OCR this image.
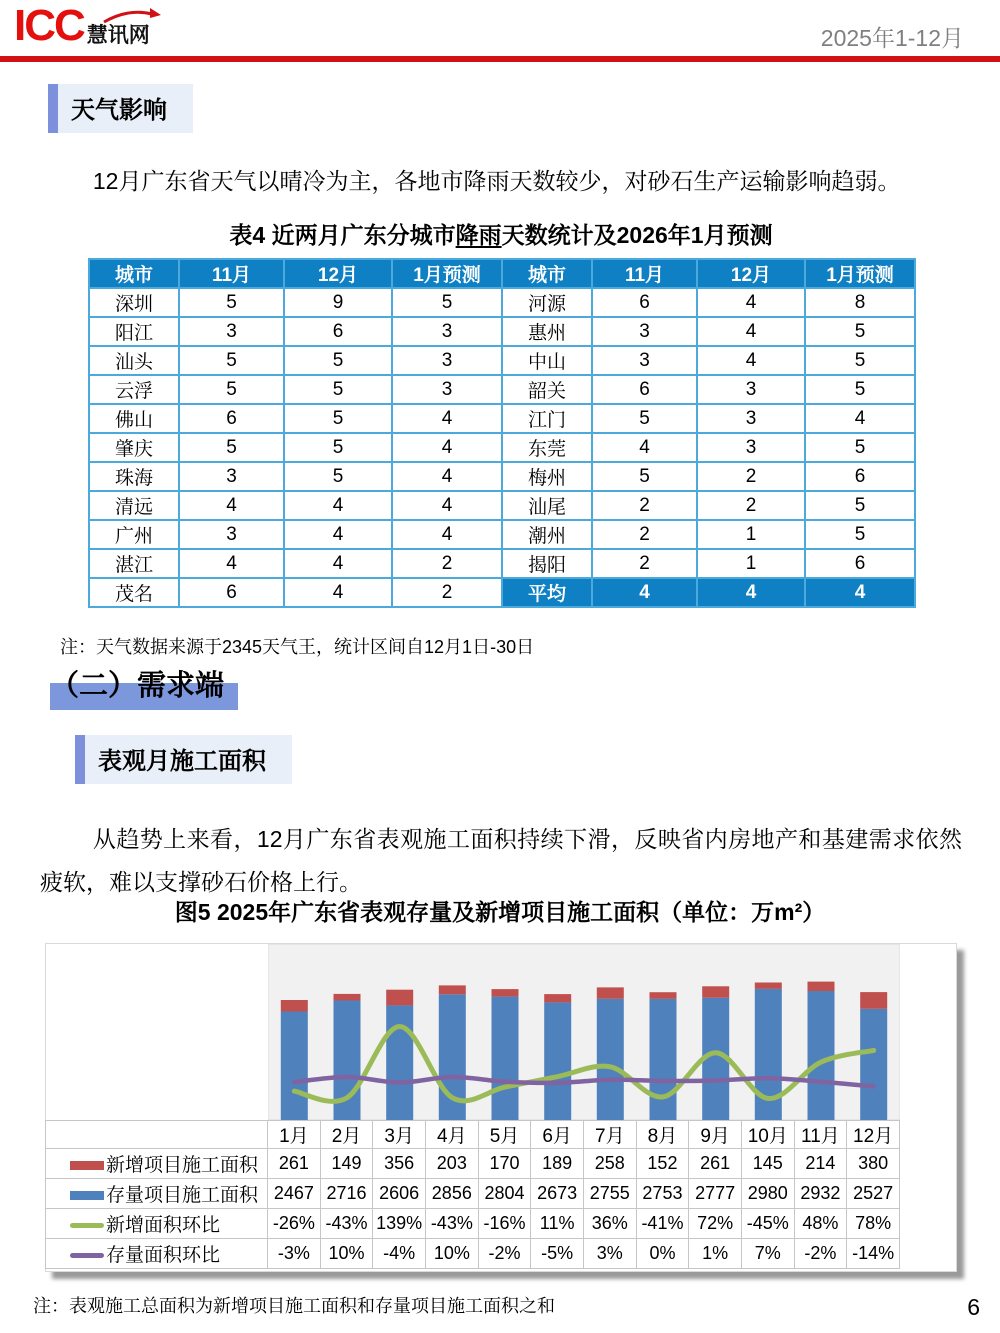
ICC 慧讯网	2025年1-12月
天气影响

12月广东省天气以晴冷为主，各地市降雨天数较少，对砂石生产运输影响趋弱。

表4 近两月广东分城市降雨天数统计及2026年1月预测
城市	11月	12月	1月预测	城市	11月	12月	1月预测
深圳	5	9	5	河源	6	4	8
阳江	3	6	3	惠州	3	4	5
汕头	5	5	3	中山	3	4	5
云浮	5	5	3	韶关	6	3	5
佛山	6	5	4	江门	5	3	4
肇庆	5	5	4	东莞	4	3	5
珠海	3	5	4	梅州	5	2	6
清远	4	4	4	汕尾	2	2	5
广州	3	4	4	潮州	2	1	5
湛江	4	4	2	揭阳	2	1	6
茂名	6	4	2	平均	4	4	4
注：天气数据来源于2345天气王，统计区间自12月1日-30日
（二）需求端
表观月施工面积

从趋势上来看，12月广东省表观施工面积持续下滑，反映省内房地产和基建需求依然疲软，难以支撑砂石价格上行。

图5 2025年广东省表观存量及新增项目施工面积（单位：万m²）
	1月	2月	3月	4月	5月	6月	7月	8月	9月	10月	11月	12月
新增项目施工面积	261	149	356	203	170	189	258	152	261	145	214	380
存量项目施工面积	2467	2716	2606	2856	2804	2673	2755	2753	2777	2980	2932	2527
新增面积环比	-26%	-43%	139%	-43%	-16%	11%	36%	-41%	72%	-45%	48%	78%
存量面积环比	-3%	10%	-4%	10%	-2%	-5%	3%	0%	1%	7%	-2%	-14%
注：表观施工总面积为新增项目施工面积和存量项目施工面积之和	6
